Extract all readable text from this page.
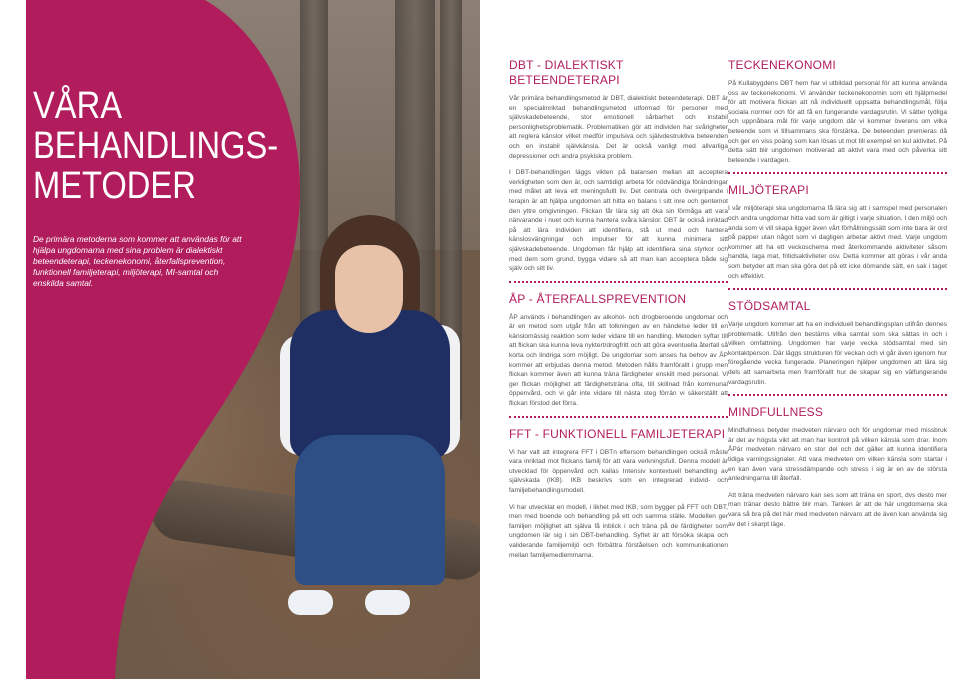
VÅRA
BEHANDLINGS-
METODER

De primära metoderna som kommer att användas för att hjälpa ungdomarna med sina problem är dialektiskt beteendeterapi, teckenekonomi, återfallsprevention, funktionell familjeterapi, miljöterapi, MI-samtal och enskilda samtal.

DBT - DIALEKTISKT BETEENDETERAPI

Vår primära behandlingsmetod är DBT, dialektiskt beteendeterapi. DBT är en specialinriktad behandlingsmetod utformad för personer med självskadebeteende, stor emotionell sårbarhet och instabil personlighetsproblematik. Problematiken gör att individen har svårigheter att reglera känslor vilket medför impulsiva och självdestruktiva beteenden och en instabil självkänsla. Det är också vanligt med allvarliga depressioner och andra psykiska problem.

I DBT-behandlingen läggs vikten på balansen mellan att acceptera verkligheten som den är, och samtidigt arbeta för nödvändiga förändringar med målet att leva ett meningsfullt liv. Det centrala och övergripande i terapin är att hjälpa ungdomen att hitta en balans i sitt inre och gentemot den yttre omgivningen. Flickan får lära sig att öka sin förmåga att vara närvarande i nuet och kunna hantera svåra känslor. DBT är också inriktad på att lära individen att identifiera, stå ut med och hantera känslosvängningar och impulser för att kunna minimera sitt självskadebeteende. Ungdomen får hjälp att identifiera sina styrkor och med dem som grund, bygga vidare så att man kan acceptera både sig själv och sitt liv.

ÅP - ÅTERFALLSPREVENTION

ÅP används i behandlingen av alkohol- och drogberoende ungdomar och är en metod som utgår från att tolkningen av en händelse leder till en känslomässig reaktion som leder vidare till en handling. Metoden syftar till att flickan ska kunna leva nyktert/drogfritt och att göra eventuella återfall så korta och lindriga som möjligt. De ungdomar som anses ha behov av ÅP kommer att erbjudas denna metod. Metoden hålls framförallt i grupp men flickan kommer även att kunna träna färdigheter enskilt med personal. Vi ger flickan möjlighet att färdighetsträna ofta, till skillnad från kommunal öppenvård, och vi går inte vidare till nästa steg förrän vi säkerställt att flickan förstod det förra.

FFT - FUNKTIONELL FAMILJETERAPI

Vi har valt att integrera FFT i DBTn eftersom behandlingen också måste vara inriktad mot flickans familj för att vara verkningsfull. Denna modell är utvecklad för öppenvård och kallas Intensiv kontextuell behandling av självskada (IKB). IKB beskrivs som en integrerad individ- och familjebehandlingsmodell.

Vi har utvecklat en modell, i likhet med IKB, som bygger på FFT och DBT, men med boende och behandling på ett och samma ställe. Modellen ger familjen möjlighet att själva få inblick i och träna på de färdigheter som ungdomen lär sig i sin DBT-behandling. Syftet är att försöka skapa och validerande familjemiljö och förbättra förståelsen och kommunikationen mellan familjemedlemmarna.

TECKENEKONOMI

På Kullabygdens DBT hem har vi utbildad personal för att kunna använda oss av teckenekonomi. Vi använder teckenekonomin som ett hjälpmedel för att motivera flickan att nå individuellt uppsatta behandlingsmål, följa sociala normer och för att få en fungerande vardagsrutin. Vi sätter tydliga och uppnåbara mål för varje ungdom där vi kommer överens om vilka beteende som vi tillsammans ska förstärka. De beteenden premieras då och ger en viss poäng som kan lösas ut mot till exempel en kul aktivitet. På detta sätt blir ungdomen motiverad att aktivt vara med och påverka sitt beteende i vardagen.

MILJÖTERAPI

I vår miljöterapi ska ungdomarna få lära sig att i samspel med personalen och andra ungdomar hitta vad som är giltigt i varje situation. I den miljö och anda som vi vill skapa ligger även vårt förhållningssätt som inte bara är ord på papper utan något som vi dagligen arbetar aktivt med. Varje ungdom kommer att ha ett veckoschema med återkommande aktiviteter såsom handla, laga mat, fritidsaktiviteter osv. Detta kommer att göras i vår anda som betyder att man ska göra det på ett icke dömande sätt, en sak i taget och effektivt.

STÖDSAMTAL

Varje ungdom kommer att ha en individuell behandlingsplan utifrån dennes problematik. Utifrån den bestäms vilka samtal som ska sättas in och i vilken omfattning. Ungdomen har varje vecka stödsamtal med sin kontaktperson. Där läggs strukturen för veckan och vi går även igenom hur föregående vecka fungerade. Planeringen hjälper ungdomen att lära sig dels att samarbeta men framförallt hur de skapar sig en välfungerande vardagsrutin.

MINDFULLNESS

Mindfullness betyder medveten närvaro och för ungdomar med missbruk är det av högsta vikt att man har kontroll på vilken känsla som drar. Inom ÅPär medveten närvaro en stor del och det gäller att kunna identifiera tidiga varningssignaler. Att vara medveten om vilken känsla som startar i en kan även vara stressdämpande och stress i sig är en av de största anledningarna till återfall.

Att träna medveten närvaro kan ses som att träna en sport, dvs desto mer man tränar desto bättre blir man. Tanken är att de här ungdomarna ska vara så bra på det här med medveten närvaro att de även kan använda sig av det i skarpt läge.
